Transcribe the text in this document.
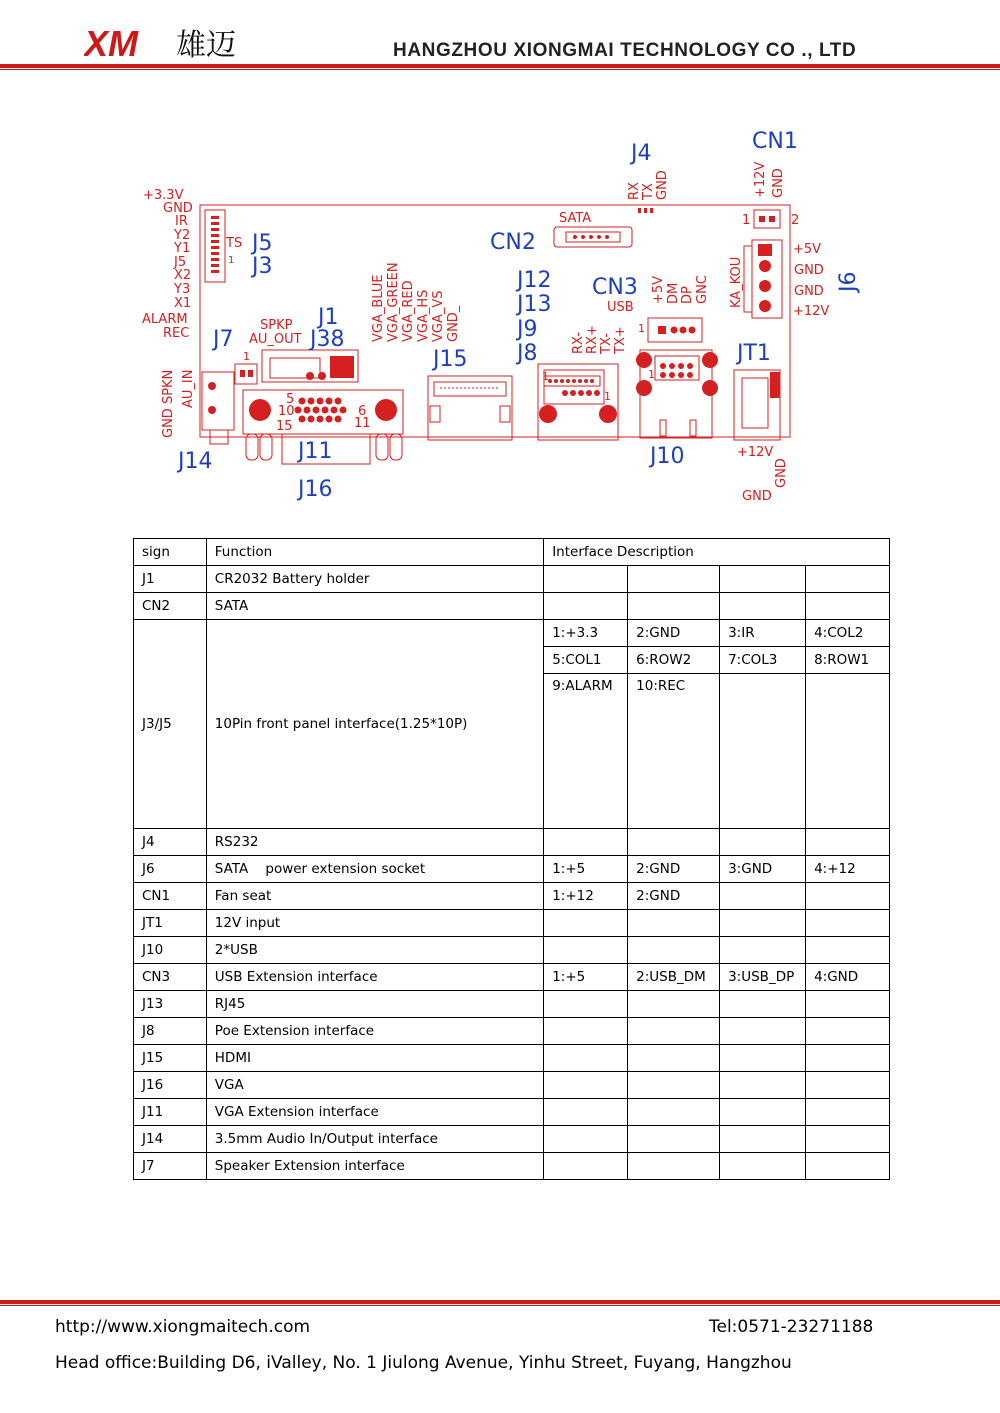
XM 雄迈	HANGZHOU XIONGMAI TECHNOLOGY CO ., LTD
J4	CN1
J5
J3
CN2
J12
J13
CN3
J1
J7	J38
J15
J9
J8	JT1
J14	J11
J16
J10
J6
+3.3V
GND
IR
Y2
Y1
J5
X2
Y3
X1
ALARM
REC
TS
1
SATA
RX TX GND	+12V GND
1	2
+5V
GND
GND
+12V
KA_KOU
USB
+5V DM DP GNC
1
1
SPKP
AU_OUT
1
GND SPKN AU_IN
VGA_BLUE VGA_GREEN VGA_RED VGA_HS VGA_VS GND_
RX- RX+ TX- TX+
1
1
5
10
15
6
11
+12V
GND
GND
sign	Function	Interface Description			
J1	CR2032 Battery holder				
CN2	SATA				
J3/J5	10Pin front panel interface(1.25*10P)	1:+3.3	2:GND	3:IR	4:COL2
		5:COL1	6:ROW2	7:COL3	8:ROW1
		9:ALARM	10:REC		
J4	RS232				
J6	SATA    power extension socket	1:+5	2:GND	3:GND	4:+12
CN1	Fan seat	1:+12	2:GND		
JT1	12V input				
J10	2*USB				
CN3	USB Extension interface	1:+5	2:USB_DM	3:USB_DP	4:GND
J13	RJ45				
J8	Poe Extension interface				
J15	HDMI				
J16	VGA				
J11	VGA Extension interface				
J14	3.5mm Audio In/Output interface				
J7	Speaker Extension interface				
http://www.xiongmaitech.com	Tel:0571-23271188
Head office:Building D6, iValley, No. 1 Jiulong Avenue, Yinhu Street, Fuyang, Hangzhou
